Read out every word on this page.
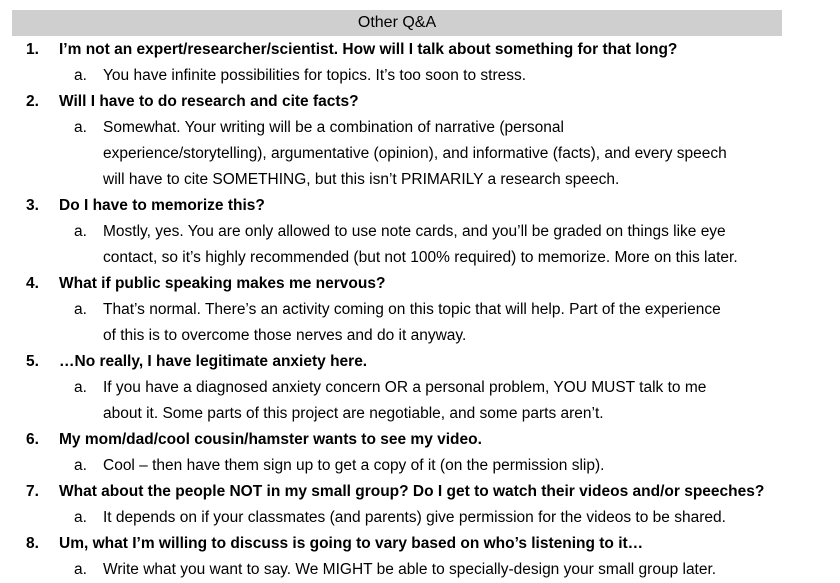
Other Q&A
1.	I’m not an expert/researcher/scientist. How will I talk about something for that long?
a. You have infinite possibilities for topics. It’s too soon to stress.
2.	Will I have to do research and cite facts?
a. Somewhat. Your writing will be a combination of narrative (personal
experience/storytelling), argumentative (opinion), and informative (facts), and every speech
will have to cite SOMETHING, but this isn’t PRIMARILY a research speech.
3.	Do I have to memorize this?
a. Mostly, yes. You are only allowed to use note cards, and you’ll be graded on things like eye
contact, so it’s highly recommended (but not 100% required) to memorize. More on this later.
4.	What if public speaking makes me nervous?
a. That’s normal. There’s an activity coming on this topic that will help. Part of the experience
of this is to overcome those nerves and do it anyway.
5.	…No really, I have legitimate anxiety here.
a. If you have a diagnosed anxiety concern OR a personal problem, YOU MUST talk to me
about it. Some parts of this project are negotiable, and some parts aren’t.
6.	My mom/dad/cool cousin/hamster wants to see my video.
a. Cool – then have them sign up to get a copy of it (on the permission slip).
7.	What about the people NOT in my small group? Do I get to watch their videos and/or speeches?
a. It depends on if your classmates (and parents) give permission for the videos to be shared.
8.	Um, what I’m willing to discuss is going to vary based on who’s listening to it…
a. Write what you want to say. We MIGHT be able to specially-design your small group later.
